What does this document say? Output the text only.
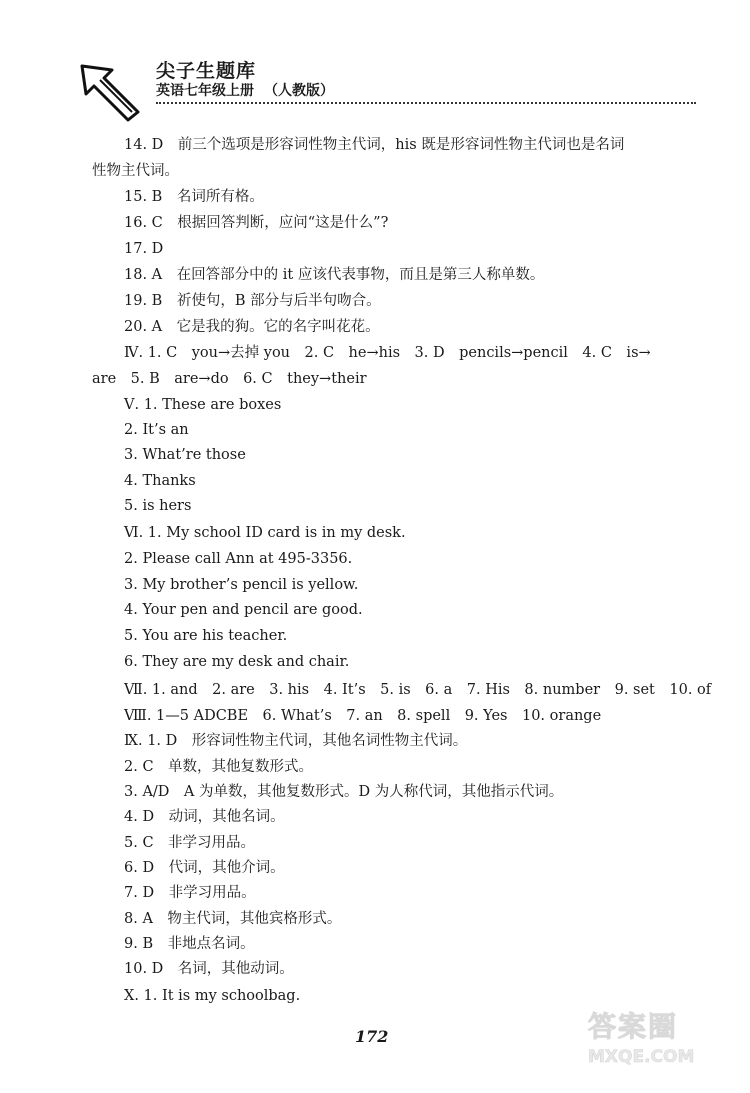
尖子生题库
英语七年级上册 （人教版）
14. D　前三个选项是形容词性物主代词，his 既是形容词性物主代词也是名词
性物主代词。
15. B　名词所有格。
16. C　根据回答判断，应问“这是什么”?
17. D
18. A　在回答部分中的 it 应该代表事物，而且是第三人称单数。
19. B　祈使句，B 部分与后半句吻合。
20. A　它是我的狗。它的名字叫花花。
Ⅳ. 1. C　you→去掉 you　2. C　he→his　3. D　pencils→pencil　4. C　is→
are　5. B　are→do　6. C　they→their
Ⅴ. 1. These are boxes
2. It’s an
3. What’re those
4. Thanks
5. is hers
Ⅵ. 1. My school ID card is in my desk.
2. Please call Ann at 495-3356.
3. My brother’s pencil is yellow.
4. Your pen and pencil are good.
5. You are his teacher.
6. They are my desk and chair.
Ⅶ. 1. and　2. are　3. his　4. It’s　5. is　6. a　7. His　8. number　9. set　10. of
Ⅷ. 1—5 ADCBE　6. What’s　7. an　8. spell　9. Yes　10. orange
Ⅸ. 1. D　形容词性物主代词，其他名词性物主代词。
2. C　单数，其他复数形式。
3. A/D　A 为单数，其他复数形式。D 为人称代词，其他指示代词。
4. D　动词，其他名词。
5. C　非学习用品。
6. D　代词，其他介词。
7. D　非学习用品。
8. A　物主代词，其他宾格形式。
9. B　非地点名词。
10. D　名词，其他动词。
Ⅹ. 1. It is my schoolbag.
172	答案圈
MXQE.COM
